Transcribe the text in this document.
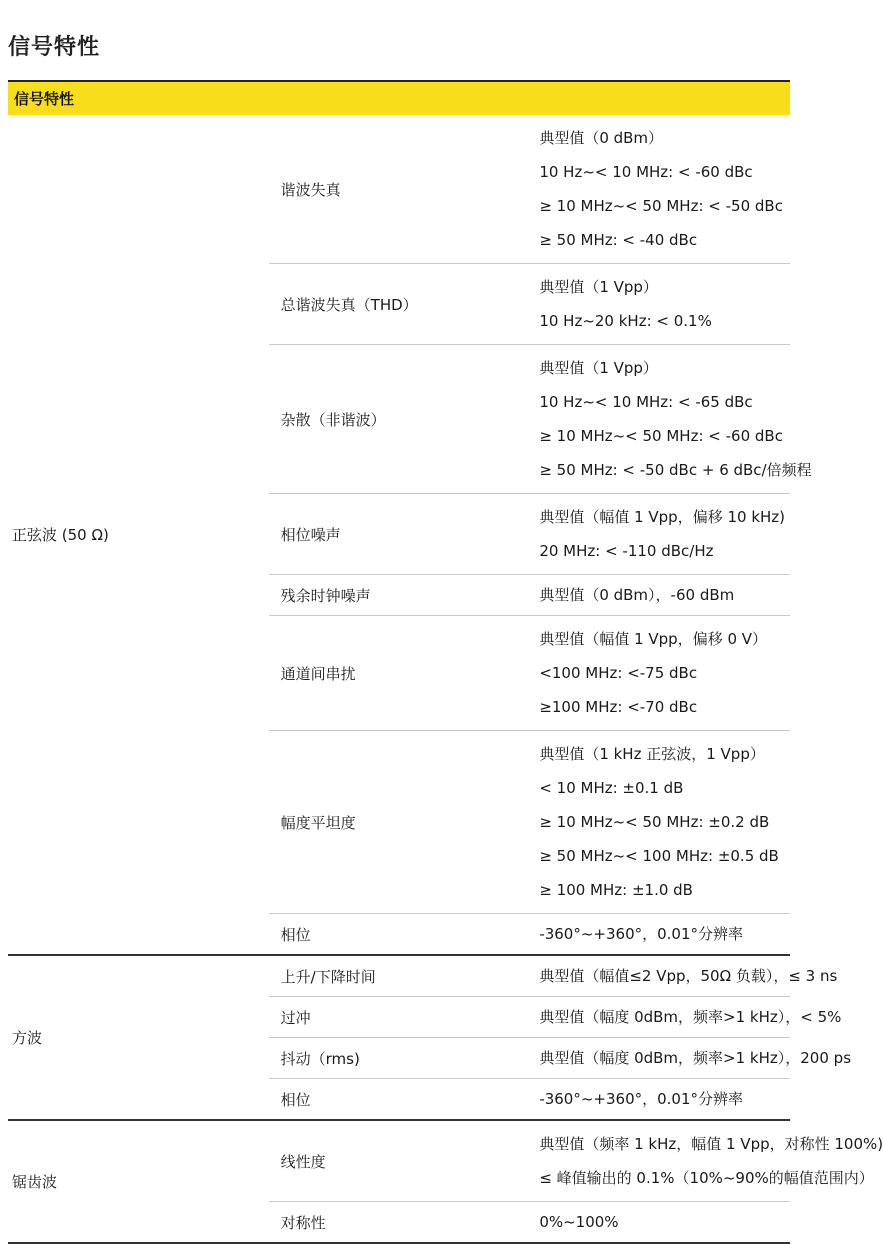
信号特性
信号特性		
正弦波 (50 Ω)	谐波失真	典型值（0 dBm）
10 Hz~< 10 MHz: < -60 dBc
≥ 10 MHz~< 50 MHz: < -50 dBc
≥ 50 MHz: < -40 dBc

	总谐波失真（THD）	典型值（1 Vpp）
10 Hz~20 kHz: < 0.1%

	杂散（非谐波）	典型值（1 Vpp）
10 Hz~< 10 MHz: < -65 dBc
≥ 10 MHz~< 50 MHz: < -60 dBc
≥ 50 MHz: < -50 dBc + 6 dBc/倍频程

	相位噪声	典型值（幅值 1 Vpp，偏移 10 kHz)
20 MHz: < -110 dBc/Hz

	残余时钟噪声	典型值（0 dBm），-60 dBm

	通道间串扰	典型值（幅值 1 Vpp，偏移 0 V）
<100 MHz: <-75 dBc
≥100 MHz: <-70 dBc

	幅度平坦度	典型值（1 kHz 正弦波，1 Vpp）
< 10 MHz: ±0.1 dB
≥ 10 MHz~< 50 MHz: ±0.2 dB
≥ 50 MHz~< 100 MHz: ±0.5 dB
≥ 100 MHz: ±1.0 dB

	相位	-360°~+360°，0.01°分辨率

方波	上升/下降时间	典型值（幅值≤2 Vpp，50Ω 负载），≤ 3 ns

	过冲	典型值（幅度 0dBm，频率>1 kHz），< 5%

	抖动（rms)	典型值（幅度 0dBm，频率>1 kHz），200 ps

	相位	-360°~+360°，0.01°分辨率

锯齿波	线性度	典型值（频率 1 kHz，幅值 1 Vpp，对称性 100%)
≤ 峰值输出的 0.1%（10%~90%的幅值范围内）

	对称性	0%~100%
